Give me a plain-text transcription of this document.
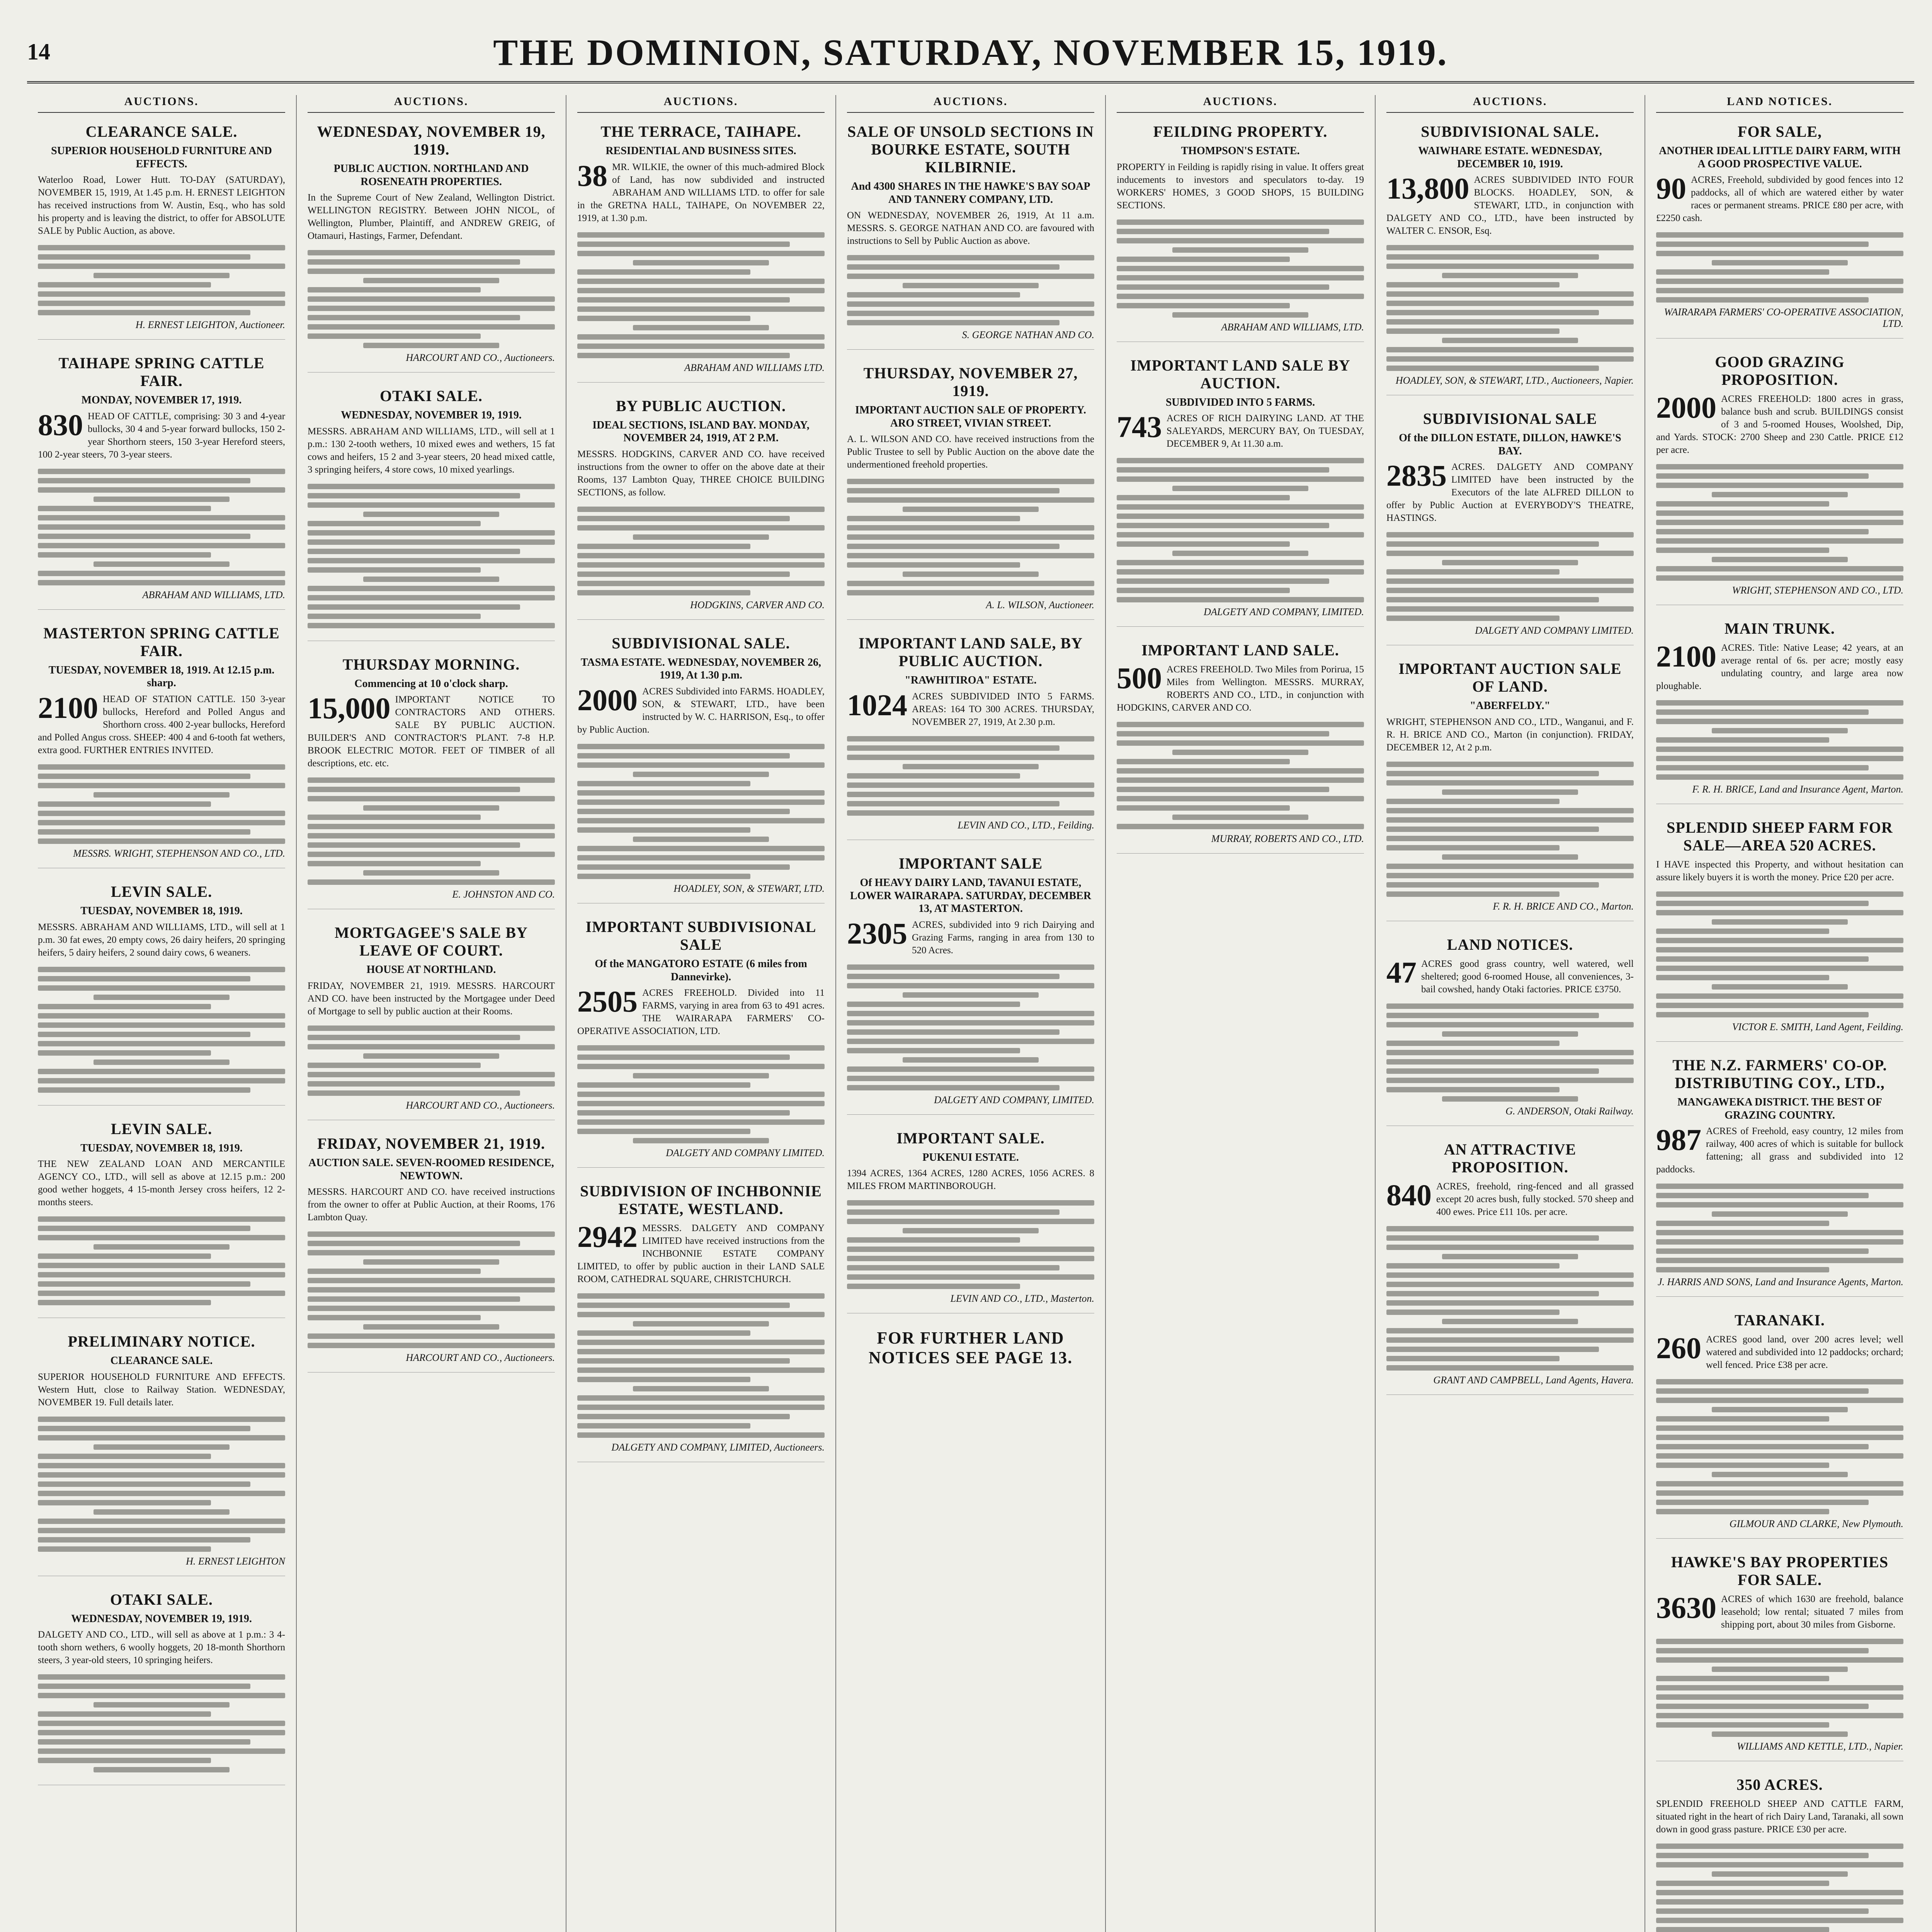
14	THE DOMINION, SATURDAY, NOVEMBER 15, 1919.
AUCTIONS.
CLEARANCE SALE.
SUPERIOR HOUSEHOLD FURNITURE AND EFFECTS.
Waterloo Road, Lower Hutt. TO-DAY (SATURDAY), NOVEMBER 15, 1919, At 1.45 p.m. H. ERNEST LEIGHTON has received instructions from W. Austin, Esq., who has sold his property and is leaving the district, to offer for ABSOLUTE SALE by Public Auction, as above.
H. ERNEST LEIGHTON, Auctioneer.
TAIHAPE SPRING CATTLE FAIR.
MONDAY, NOVEMBER 17, 1919.
830 HEAD OF CATTLE, comprising: 30 3 and 4-year bullocks, 30 4 and 5-year forward bullocks, 150 2-year Shorthorn steers, 150 3-year Hereford steers, 100 2-year steers, 70 3-year steers.
ABRAHAM AND WILLIAMS, LTD.
MASTERTON SPRING CATTLE FAIR.
TUESDAY, NOVEMBER 18, 1919. At 12.15 p.m. sharp.
2100 HEAD OF STATION CATTLE. 150 3-year bullocks, Hereford and Polled Angus and Shorthorn cross. 400 2-year bullocks, Hereford and Polled Angus cross. SHEEP: 400 4 and 6-tooth fat wethers, extra good. FURTHER ENTRIES INVITED.
MESSRS. WRIGHT, STEPHENSON AND CO., LTD.
LEVIN SALE.
TUESDAY, NOVEMBER 18, 1919.
MESSRS. ABRAHAM AND WILLIAMS, LTD., will sell at 1 p.m. 30 fat ewes, 20 empty cows, 26 dairy heifers, 20 springing heifers, 5 dairy heifers, 2 sound dairy cows, 6 weaners.
LEVIN SALE.
TUESDAY, NOVEMBER 18, 1919.
THE NEW ZEALAND LOAN AND MERCANTILE AGENCY CO., LTD., will sell as above at 12.15 p.m.: 200 good wether hoggets, 4 15-month Jersey cross heifers, 12 2-months steers.
PRELIMINARY NOTICE.
CLEARANCE SALE.
SUPERIOR HOUSEHOLD FURNITURE AND EFFECTS. Western Hutt, close to Railway Station. WEDNESDAY, NOVEMBER 19. Full details later.
H. ERNEST LEIGHTON
OTAKI SALE.
WEDNESDAY, NOVEMBER 19, 1919.
DALGETY AND CO., LTD., will sell as above at 1 p.m.: 3 4-tooth shorn wethers, 6 woolly hoggets, 20 18-month Shorthorn steers, 3 year-old steers, 10 springing heifers.
AUCTIONS.
WEDNESDAY, NOVEMBER 19, 1919.
PUBLIC AUCTION. NORTHLAND AND ROSENEATH PROPERTIES.
In the Supreme Court of New Zealand, Wellington District. WELLINGTON REGISTRY. Between JOHN NICOL, of Wellington, Plumber, Plaintiff, and ANDREW GREIG, of Otamauri, Hastings, Farmer, Defendant.
HARCOURT AND CO., Auctioneers.
OTAKI SALE.
WEDNESDAY, NOVEMBER 19, 1919.
MESSRS. ABRAHAM AND WILLIAMS, LTD., will sell at 1 p.m.: 130 2-tooth wethers, 10 mixed ewes and wethers, 15 fat cows and heifers, 15 2 and 3-year steers, 20 head mixed cattle, 3 springing heifers, 4 store cows, 10 mixed yearlings.
THURSDAY MORNING.
Commencing at 10 o'clock sharp.
15,000 IMPORTANT NOTICE TO CONTRACTORS AND OTHERS. SALE BY PUBLIC AUCTION. BUILDER'S AND CONTRACTOR'S PLANT. 7-8 H.P. BROOK ELECTRIC MOTOR. FEET OF TIMBER of all descriptions, etc. etc.
E. JOHNSTON AND CO.
MORTGAGEE'S SALE BY LEAVE OF COURT.
HOUSE AT NORTHLAND.
FRIDAY, NOVEMBER 21, 1919. MESSRS. HARCOURT AND CO. have been instructed by the Mortgagee under Deed of Mortgage to sell by public auction at their Rooms.
HARCOURT AND CO., Auctioneers.
FRIDAY, NOVEMBER 21, 1919.
AUCTION SALE. SEVEN-ROOMED RESIDENCE, NEWTOWN.
MESSRS. HARCOURT AND CO. have received instructions from the owner to offer at Public Auction, at their Rooms, 176 Lambton Quay.
HARCOURT AND CO., Auctioneers.
AUCTIONS.
THE TERRACE, TAIHAPE.
RESIDENTIAL AND BUSINESS SITES.
38 MR. WILKIE, the owner of this much-admired Block of Land, has now subdivided and instructed ABRAHAM AND WILLIAMS LTD. to offer for sale in the GRETNA HALL, TAIHAPE, On NOVEMBER 22, 1919, at 1.30 p.m.
ABRAHAM AND WILLIAMS LTD.
BY PUBLIC AUCTION.
IDEAL SECTIONS, ISLAND BAY. MONDAY, NOVEMBER 24, 1919, AT 2 P.M.
MESSRS. HODGKINS, CARVER AND CO. have received instructions from the owner to offer on the above date at their Rooms, 137 Lambton Quay, THREE CHOICE BUILDING SECTIONS, as follow.
HODGKINS, CARVER AND CO.
SUBDIVISIONAL SALE.
TASMA ESTATE. WEDNESDAY, NOVEMBER 26, 1919, At 1.30 p.m.
2000 ACRES Subdivided into FARMS. HOADLEY, SON, & STEWART, LTD., have been instructed by W. C. HARRISON, Esq., to offer by Public Auction.
HOADLEY, SON, & STEWART, LTD.
IMPORTANT SUBDIVISIONAL SALE
Of the MANGATORO ESTATE (6 miles from Dannevirke).
2505 ACRES FREEHOLD. Divided into 11 FARMS, varying in area from 63 to 491 acres. THE WAIRARAPA FARMERS' CO-OPERATIVE ASSOCIATION, LTD.
DALGETY AND COMPANY LIMITED.
SUBDIVISION OF INCHBONNIE ESTATE, WESTLAND.
2942 MESSRS. DALGETY AND COMPANY LIMITED have received instructions from the INCHBONNIE ESTATE COMPANY LIMITED, to offer by public auction in their LAND SALE ROOM, CATHEDRAL SQUARE, CHRISTCHURCH.
DALGETY AND COMPANY, LIMITED, Auctioneers.
AUCTIONS.
SALE OF UNSOLD SECTIONS IN BOURKE ESTATE, SOUTH KILBIRNIE.
And 4300 SHARES IN THE HAWKE'S BAY SOAP AND TANNERY COMPANY, LTD.
ON WEDNESDAY, NOVEMBER 26, 1919, At 11 a.m. MESSRS. S. GEORGE NATHAN AND CO. are favoured with instructions to Sell by Public Auction as above.
S. GEORGE NATHAN AND CO.
THURSDAY, NOVEMBER 27, 1919.
IMPORTANT AUCTION SALE OF PROPERTY. ARO STREET, VIVIAN STREET.
A. L. WILSON AND CO. have received instructions from the Public Trustee to sell by Public Auction on the above date the undermentioned freehold properties.
A. L. WILSON, Auctioneer.
IMPORTANT LAND SALE, BY PUBLIC AUCTION.
"RAWHITIROA" ESTATE.
1024 ACRES SUBDIVIDED INTO 5 FARMS. AREAS: 164 TO 300 ACRES. THURSDAY, NOVEMBER 27, 1919, At 2.30 p.m.
LEVIN AND CO., LTD., Feilding.
IMPORTANT SALE
Of HEAVY DAIRY LAND, TAVANUI ESTATE, LOWER WAIRARAPA. SATURDAY, DECEMBER 13, AT MASTERTON.
2305 ACRES, subdivided into 9 rich Dairying and Grazing Farms, ranging in area from 130 to 520 Acres.
DALGETY AND COMPANY, LIMITED.
IMPORTANT SALE.
PUKENUI ESTATE.
1394 ACRES, 1364 ACRES, 1280 ACRES, 1056 ACRES. 8 MILES FROM MARTINBOROUGH.
LEVIN AND CO., LTD., Masterton.
FOR FURTHER LAND NOTICES SEE PAGE 13.
AUCTIONS.
FEILDING PROPERTY.
THOMPSON'S ESTATE.
PROPERTY in Feilding is rapidly rising in value. It offers great inducements to investors and speculators to-day. 19 WORKERS' HOMES, 3 GOOD SHOPS, 15 BUILDING SECTIONS.
ABRAHAM AND WILLIAMS, LTD.
IMPORTANT LAND SALE BY AUCTION.
SUBDIVIDED INTO 5 FARMS.
743 ACRES OF RICH DAIRYING LAND. AT THE SALEYARDS, MERCURY BAY, On TUESDAY, DECEMBER 9, At 11.30 a.m.
DALGETY AND COMPANY, LIMITED.
IMPORTANT LAND SALE.
500 ACRES FREEHOLD. Two Miles from Porirua, 15 Miles from Wellington. MESSRS. MURRAY, ROBERTS AND CO., LTD., in conjunction with HODGKINS, CARVER AND CO.
MURRAY, ROBERTS AND CO., LTD.
AUCTIONS.
SUBDIVISIONAL SALE.
WAIWHARE ESTATE. WEDNESDAY, DECEMBER 10, 1919.
13,800 ACRES SUBDIVIDED INTO FOUR BLOCKS. HOADLEY, SON, & STEWART, LTD., in conjunction with DALGETY AND CO., LTD., have been instructed by WALTER C. ENSOR, Esq.
HOADLEY, SON, & STEWART, LTD., Auctioneers, Napier.
SUBDIVISIONAL SALE
Of the DILLON ESTATE, DILLON, HAWKE'S BAY.
2835 ACRES. DALGETY AND COMPANY LIMITED have been instructed by the Executors of the late ALFRED DILLON to offer by Public Auction at EVERYBODY'S THEATRE, HASTINGS.
DALGETY AND COMPANY LIMITED.
IMPORTANT AUCTION SALE OF LAND.
"ABERFELDY."
WRIGHT, STEPHENSON AND CO., LTD., Wanganui, and F. R. H. BRICE AND CO., Marton (in conjunction). FRIDAY, DECEMBER 12, At 2 p.m.
F. R. H. BRICE AND CO., Marton.
LAND NOTICES.
47 ACRES good grass country, well watered, well sheltered; good 6-roomed House, all conveniences, 3-bail cowshed, handy Otaki factories. PRICE £3750.
G. ANDERSON, Otaki Railway.
AN ATTRACTIVE PROPOSITION.
840 ACRES, freehold, ring-fenced and all grassed except 20 acres bush, fully stocked. 570 sheep and 400 ewes. Price £11 10s. per acre.
GRANT AND CAMPBELL, Land Agents, Havera.
LAND NOTICES.
FOR SALE,
ANOTHER IDEAL LITTLE DAIRY FARM, WITH A GOOD PROSPECTIVE VALUE.
90 ACRES, Freehold, subdivided by good fences into 12 paddocks, all of which are watered either by water races or permanent streams. PRICE £80 per acre, with £2250 cash.
WAIRARAPA FARMERS' CO-OPERATIVE ASSOCIATION, LTD.
GOOD GRAZING PROPOSITION.
2000 ACRES FREEHOLD: 1800 acres in grass, balance bush and scrub. BUILDINGS consist of 3 and 5-roomed Houses, Woolshed, Dip, and Yards. STOCK: 2700 Sheep and 230 Cattle. PRICE £12 per acre.
WRIGHT, STEPHENSON AND CO., LTD.
MAIN TRUNK.
2100 ACRES. Title: Native Lease; 42 years, at an average rental of 6s. per acre; mostly easy undulating country, and large area now ploughable.
F. R. H. BRICE, Land and Insurance Agent, Marton.
SPLENDID SHEEP FARM FOR SALE—AREA 520 ACRES.
I HAVE inspected this Property, and without hesitation can assure likely buyers it is worth the money. Price £20 per acre.
VICTOR E. SMITH, Land Agent, Feilding.
THE N.Z. FARMERS' CO-OP. DISTRIBUTING COY., LTD.,
MANGAWEKA DISTRICT. THE BEST OF GRAZING COUNTRY.
987 ACRES of Freehold, easy country, 12 miles from railway, 400 acres of which is suitable for bullock fattening; all grass and subdivided into 12 paddocks.
J. HARRIS AND SONS, Land and Insurance Agents, Marton.
TARANAKI.
260 ACRES good land, over 200 acres level; well watered and subdivided into 12 paddocks; orchard; well fenced. Price £38 per acre.
GILMOUR AND CLARKE, New Plymouth.
HAWKE'S BAY PROPERTIES FOR SALE.
3630 ACRES of which 1630 are freehold, balance leasehold; low rental; situated 7 miles from shipping port, about 30 miles from Gisborne.
WILLIAMS AND KETTLE, LTD., Napier.
350 ACRES.
SPLENDID FREEHOLD SHEEP AND CATTLE FARM, situated right in the heart of rich Dairy Land, Taranaki, all sown down in good grass pasture. PRICE £30 per acre.
